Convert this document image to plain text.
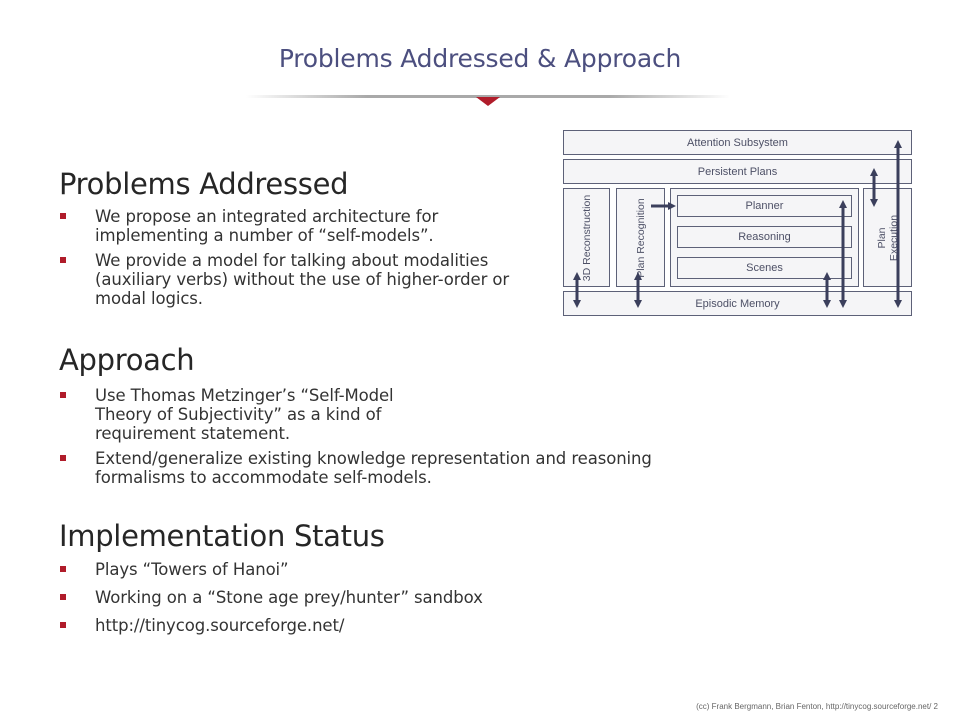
Problems Addressed & Approach
Problems Addressed
We propose an integrated architecture for implementing a number of “self-models”.
We provide a model for talking about modalities (auxiliary verbs) without the use of higher-order or modal logics.
Approach
Use Thomas Metzinger’s “Self-Model Theory of Subjectivity” as a kind of requirement statement.
Extend/generalize existing knowledge representation and reasoning formalisms to accommodate self-models.
Implementation Status
Plays “Towers of Hanoi”
Working on a “Stone age prey/hunter” sandbox
http://tinycog.sourceforge.net/
Attention Subsystem
Persistent Plans
3D Reconstruction	Plan Recognition	Planner
Reasoning
Scenes
Plan Execution
Episodic Memory
(cc) Frank Bergmann, Brian Fenton, http://tinycog.sourceforge.net/ 2
